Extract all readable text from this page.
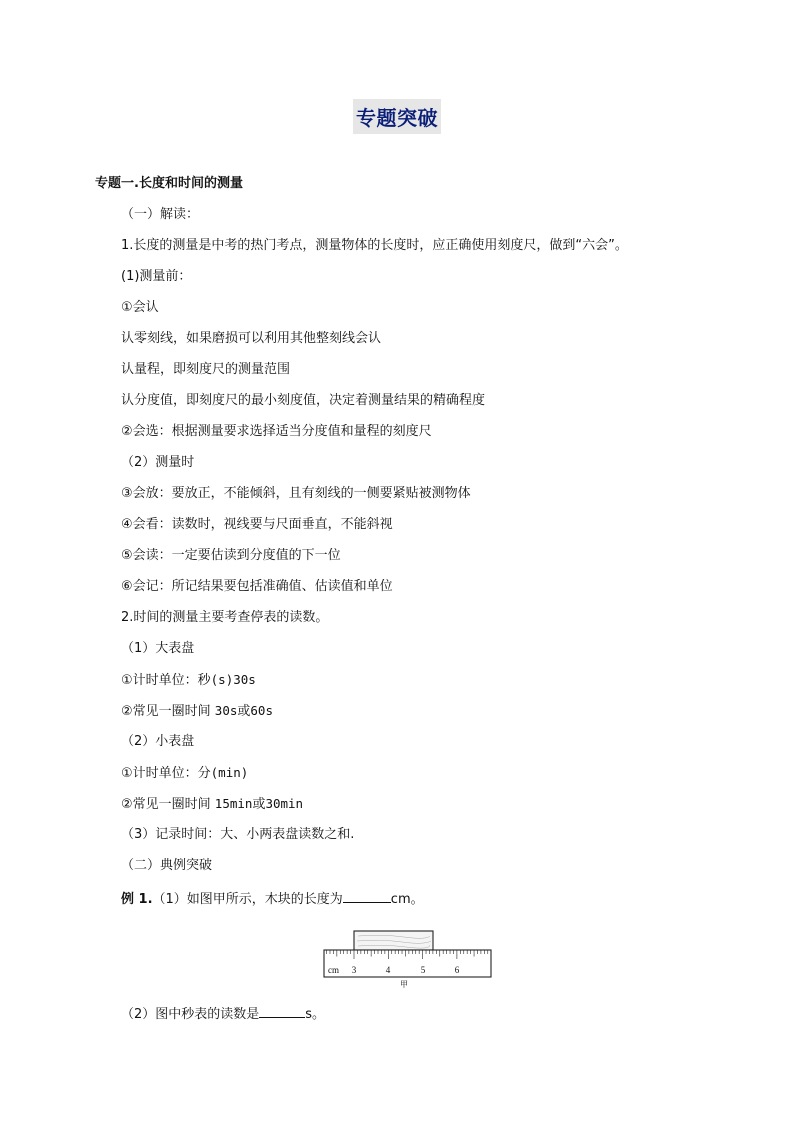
专题突破
专题一.长度和时间的测量
（一）解读：
1.长度的测量是中考的热门考点，测量物体的长度时，应正确使用刻度尺，做到“六会”。
(1)测量前：
①会认
认零刻线，如果磨损可以利用其他整刻线会认
认量程，即刻度尺的测量范围
认分度值，即刻度尺的最小刻度值，决定着测量结果的精确程度
②会选：根据测量要求选择适当分度值和量程的刻度尺
（2）测量时
③会放：要放正，不能倾斜，且有刻线的一侧要紧贴被测物体
④会看：读数时，视线要与尺面垂直，不能斜视
⑤会读：一定要估读到分度值的下一位
⑥会记：所记结果要包括准确值、估读值和单位
2.时间的测量主要考查停表的读数。
（1）大表盘
①计时单位：秒(s)30s
②常见一圈时间 30s或60s
（2）小表盘
①计时单位：分(min)
②常见一圈时间 15min或30min
（3）记录时间：大、小两表盘读数之和.
（二）典例突破
例 1.（1）如图甲所示，木块的长度为	cm。
cm 3	4	5	6
甲
（2）图中秒表的读数是	s。
